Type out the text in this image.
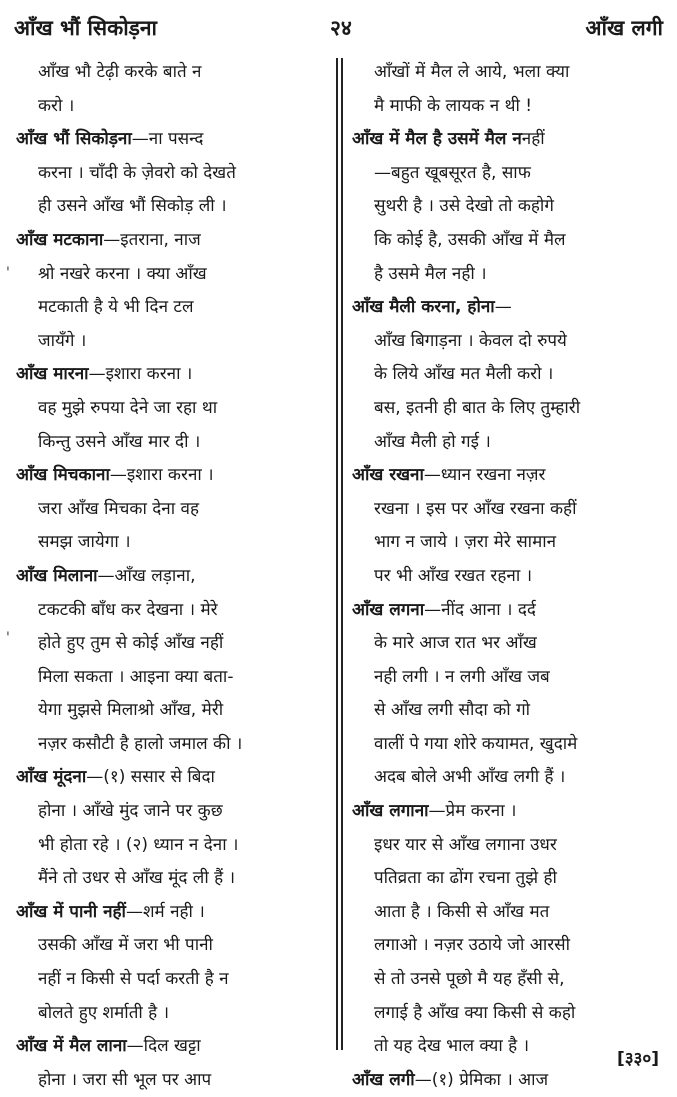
आँख भौं सिकोड़ना	२४	आँख लगी
आँख भौ टेढ़ी करके बाते न
करो ।
आँख भौं सिकोड़ना—ना पसन्द
करना । चाँदी के ज़ेवरो को देखते
ही उसने आँख भौं सिकोड़ ली ।
आँख मटकाना—इतराना, नाज
श्रो नखरे करना । क्या आँख
मटकाती है ये भी दिन टल
जायँगे ।
आँख मारना—इशारा करना ।
वह मुझे रुपया देने जा रहा था
किन्तु उसने आँख मार दी ।
आँख मिचकाना—इशारा करना ।
जरा आँख मिचका देना वह
समझ जायेगा ।
आँख मिलाना—आँख लड़ाना,
टकटकी बाँध कर देखना । मेरे
होते हुए तुम से कोई आँख नहीं
मिला सकता । आइना क्या बता-
येगा मुझसे मिलाश्रो आँख, मेरी
नज़र कसौटी है हालो जमाल की ।
आँख मूंदना—(१) ससार से बिदा
होना । आँखे मुंद जाने पर कुछ
भी होता रहे । (२) ध्यान न देना ।
मैंने तो उधर से आँख मूंद ली हैं ।
आँख में पानी नहीं—शर्म नही ।
उसकी आँख में जरा भी पानी
नहीं न किसी से पर्दा करती है न
बोलते हुए शर्माती है ।
आँख में मैल लाना—दिल खट्टा
होना । जरा सी भूल पर आप
आँखों में मैल ले आये, भला क्या
मै माफी के लायक न थी !
आँख में मैल है उसमें मैल ननहीं
—बहुत खूबसूरत है, साफ
सुथरी है । उसे देखो तो कहोगे
कि कोई है, उसकी आँख में मैल
है उसमे मैल नही ।
आँख मैली करना, होना—
आँख बिगाड़ना । केवल दो रुपये
के लिये आँख मत मैली करो ।
बस, इतनी ही बात के लिए तुम्हारी
आँख मैली हो गई ।
आँख रखना—ध्यान रखना नज़र
रखना । इस पर आँख रखना कहीं
भाग न जाये । ज़रा मेरे सामान
पर भी आँख रखत रहना ।
आँख लगना—नींद आना । दर्द
के मारे आज रात भर आँख
नही लगी । न लगी आँख जब
से आँख लगी सौदा को गो
वालीं पे गया शोरे कयामत, खुदामे
अदब बोले अभी आँख लगी हैं ।
आँख लगाना—प्रेम करना ।
इधर यार से आँख लगाना उधर
पतिव्रता का ढोंग रचना तुझे ही
आता है । किसी से आँख मत
लगाओ । नज़र उठाये जो आरसी
से तो उनसे पूछो मै यह हँसी से,
लगाई है आँख क्या किसी से कहो
तो यह देख भाल क्या है ।
आँख लगी—(१) प्रेमिका । आज
'
'
[३३०]
